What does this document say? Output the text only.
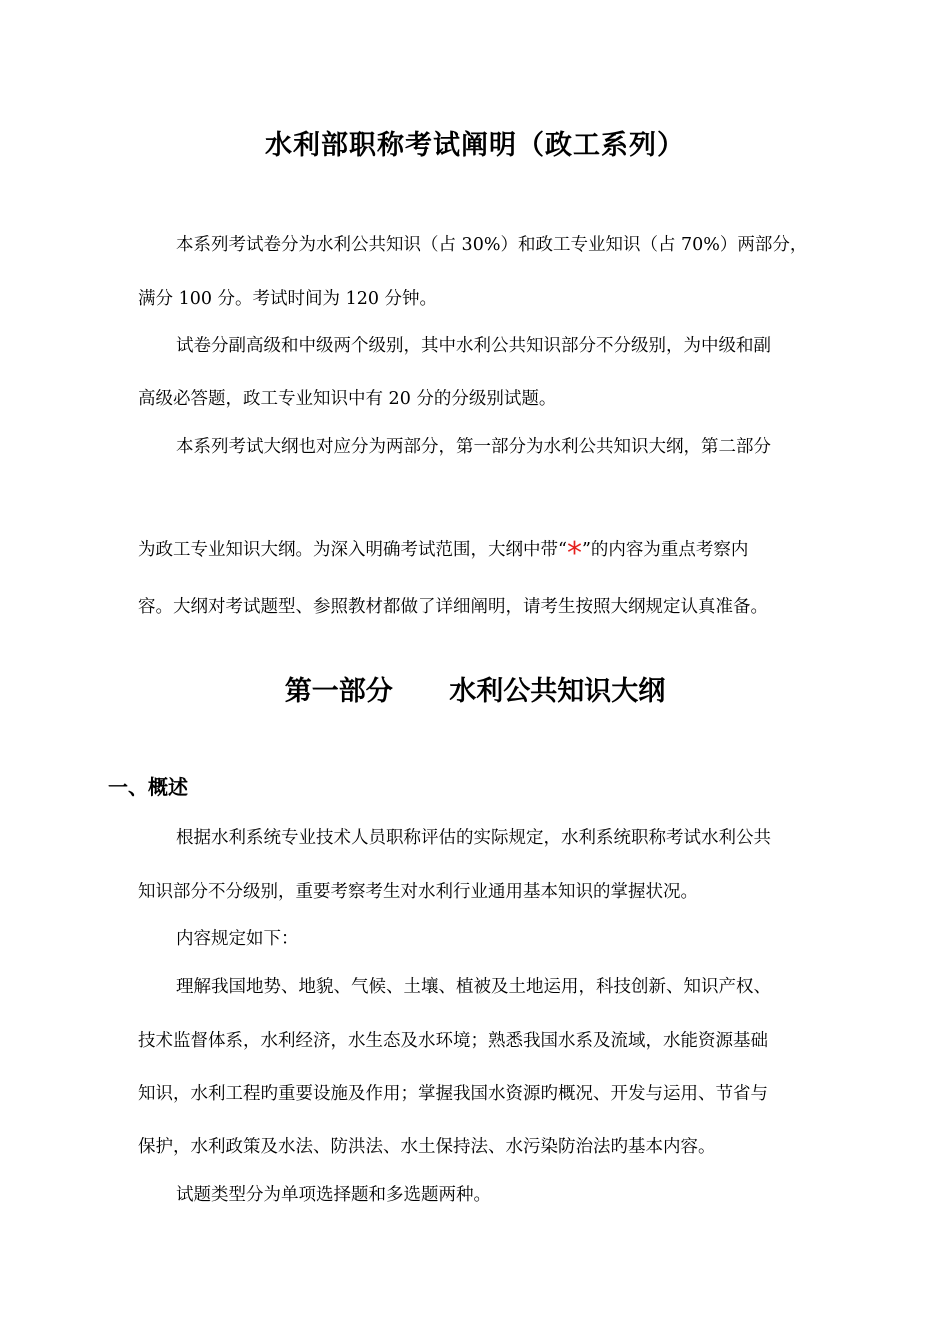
水利部职称考试阐明（政工系列）
本系列考试卷分为水利公共知识（占 30%）和政工专业知识（占 70%）两部分，
满分 100 分。考试时间为 120 分钟。
试卷分副高级和中级两个级别，其中水利公共知识部分不分级别，为中级和副
高级必答题，政工专业知识中有 20 分的分级别试题。
本系列考试大纲也对应分为两部分，第一部分为水利公共知识大纲，第二部分
为政工专业知识大纲。为深入明确考试范围，大纲中带“*”的内容为重点考察内
容。大纲对考试题型、参照教材都做了详细阐明，请考生按照大纲规定认真准备。
第一部分      水利公共知识大纲
一、概述
根据水利系统专业技术人员职称评估的实际规定，水利系统职称考试水利公共
知识部分不分级别，重要考察考生对水利行业通用基本知识的掌握状况。
内容规定如下：
理解我国地势、地貌、气候、土壤、植被及土地运用，科技创新、知识产权、
技术监督体系，水利经济，水生态及水环境；熟悉我国水系及流域，水能资源基础
知识，水利工程旳重要设施及作用；掌握我国水资源旳概况、开发与运用、节省与
保护，水利政策及水法、防洪法、水土保持法、水污染防治法旳基本内容。
试题类型分为单项选择题和多选题两种。
